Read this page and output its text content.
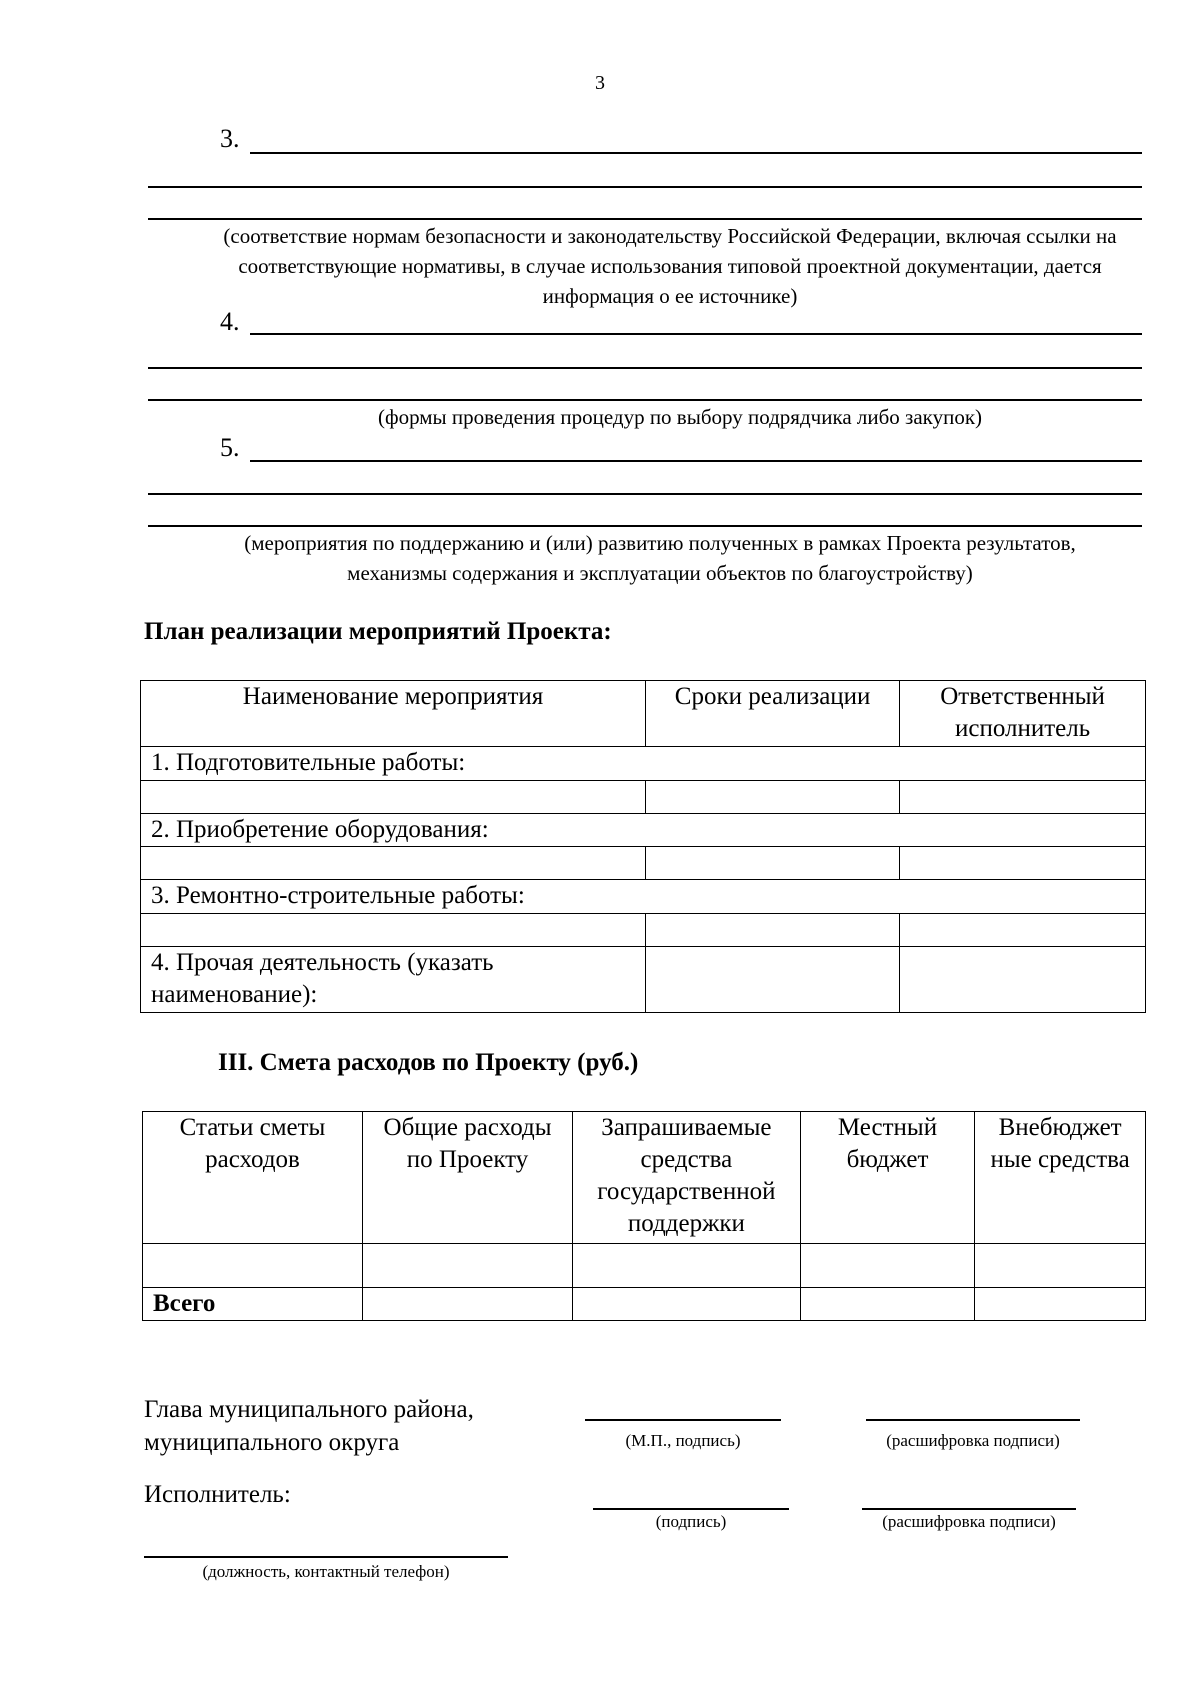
3
3.
(соответствие нормам безопасности и законодательству Российской Федерации, включая ссылки на соответствующие нормативы, в случае использования типовой проектной документации, дается информация о ее источнике)
4.
(формы проведения процедур по выбору подрядчика либо закупок)
5.
(мероприятия по поддержанию и (или) развитию полученных в рамках Проекта результатов, механизмы содержания и эксплуатации объектов по благоустройству)
План реализации мероприятий Проекта:
Наименование мероприятия	Сроки реализации	Ответственный исполнитель
1. Подготовительные работы:		

2. Приобретение оборудования:		

3. Ремонтно-строительные работы:		

4. Прочая деятельность (указать наименование):		
III. Смета расходов по Проекту (руб.)
Статьи сметы расходов	Общие расходы по Проекту	Запрашиваемые средства государственной поддержки	Местный бюджет	Внебюджет ные средства

Всего				
Глава муниципального района, муниципального округа	(М.П., подпись)	(расшифровка подписи)
Исполнитель:
(подпись)	(расшифровка подписи)
(должность, контактный телефон)
